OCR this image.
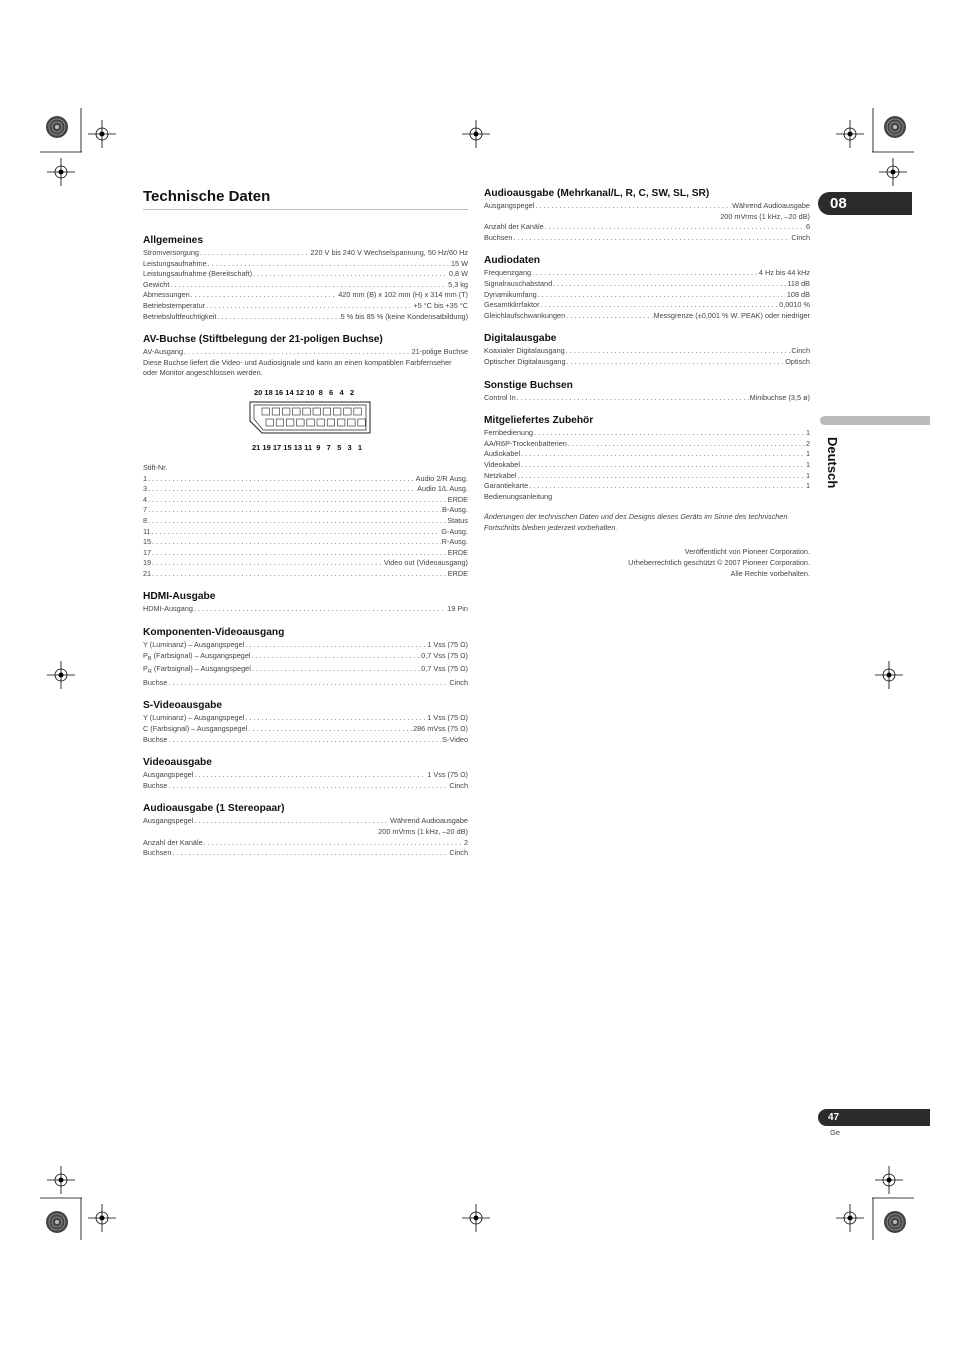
08
Deutsch
47
Ge
Technische Daten
Allgemeines
Stromversorgung . . .	220 V bis 240 V Wechselspannung, 50 Hz/60 Hz
Leistungsaufnahme . . .	15 W
Leistungsaufnahme (Bereitschaft) . . .	0,8 W
Gewicht . . .	5,3 kg
Abmessungen . . .	420 mm (B) x 102 mm (H) x 314 mm (T)
Betriebstemperatur . . .	+5 °C bis +35 °C
Betriebsluftfeuchtigkeit . . .	5 % bis 85 % (keine Kondensatbildung)
AV-Buchse (Stiftbelegung der 21-poligen Buchse)
AV-Ausgang . . .	21-polige Buchse
Diese Buchse liefert die Video- und Audiosignale und kann an einen kompatiblen Farbfernseher oder Monitor angeschlossen werden.
20 18 16 14 12 10  8   6   4   2
21 19 17 15 13 11  9   7   5   3   1
Stift-Nr.
1 . . .	Audio 2/R Ausg.
3 . . .	Audio 1/L Ausg.
4 . . .	ERDE
7 . . .	B-Ausg.
8 . . .	Status
11 . . .	G-Ausg.
15 . . .	R-Ausg.
17 . . .	ERDE
19 . . .	Video out (Videoausgang)
21 . . .	ERDE
HDMI-Ausgabe
HDMI-Ausgang . . .	19 Pin
Komponenten-Videoausgang
Y (Luminanz) – Ausgangspegel . . .	1 Vss (75 Ω)
$P_B$ (Farbsignal) – Ausgangspegel . . .	0,7 Vss (75 Ω)
$P_R$ (Farbsignal) – Ausgangspegel . . .	0,7 Vss (75 Ω)
Buchse . . .	Cinch
S-Videoausgabe
Y (Luminanz) – Ausgangspegel . . .	1 Vss (75 Ω)
C (Farbsignal) – Ausgangspegel . . .	286 mVss (75 Ω)
Buchse . . .	S-Video
Videoausgabe
Ausgangspegel . . .	1 Vss (75 Ω)
Buchse . . .	Cinch
Audioausgabe (1 Stereopaar)
Ausgangspegel . . .	Während Audioausgabe
200 mVrms (1 kHz, –20 dB)
Anzahl der Kanäle . . .	2
Buchsen . . .	Cinch
Audioausgabe (Mehrkanal/L, R, C, SW, SL, SR)
Ausgangspegel . . .	Während Audioausgabe
200 mVrms (1 kHz, –20 dB)
Anzahl der Kanäle . . .	6
Buchsen . . .	Cinch
Audiodaten
Frequenzgang . . .	4 Hz bis 44 kHz
Signalrauschabstand . . .	118 dB
Dynamikumfang . . .	108 dB
Gesamtklirrfaktor . . .	0,0010 %
Gleichlaufschwankungen . . .	Messgrenze (±0,001 % W. PEAK) oder niedriger
Digitalausgabe
Koaxialer Digitalausgang . . .	Cinch
Optischer Digitalausgang . . .	Optisch
Sonstige Buchsen
Control In . . .	Minibuchse (3,5 ø)
Mitgeliefertes Zubehör
Fernbedienung . . .	1
AA/R6P-Trockenbatterien . . .	2
Audiokabel . . .	1
Videokabel . . .	1
Netzkabel . . .	1
Garantiekarte . . .	1
Bedienungsanleitung
Änderungen der technischen Daten und des Designs dieses Geräts im Sinne des technischen Fortschritts bleiben jederzeit vorbehalten.
Veröffentlicht von Pioneer Corporation.
Urheberrechtlich geschützt © 2007 Pioneer Corporation.
Alle Rechte vorbehalten.
